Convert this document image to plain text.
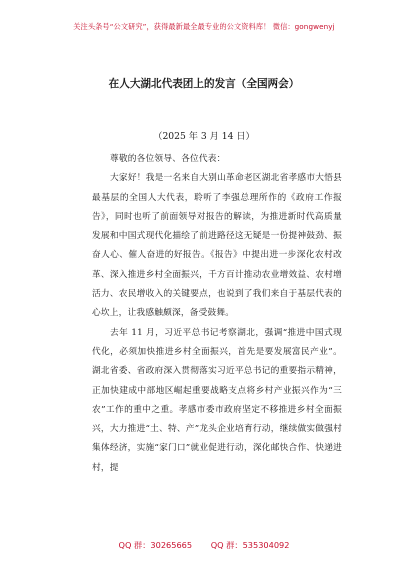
关注头条号“公文研究”，获得最新最全最专业的公文资料库！ 微信：gongwenyj
在人大湖北代表团上的发言（全国两会）
（2025 年 3 月 14 日）

尊敬的各位领导、各位代表：

大家好！我是一名来自大别山革命老区湖北省孝感市大悟县最基层的全国人大代表，聆听了李强总理所作的《政府工作报告》，同时也听了前面领导对报告的解读，为推进新时代高质量发展和中国式现代化描绘了前进路径这无疑是一份提神鼓劲、振奋人心、催人奋进的好报告。《报告》中提出进一步深化农村改革、深入推进乡村全面振兴，千方百计推动农业增效益、农村增活力、农民增收入的关键要点，也说到了我们来自于基层代表的心坎上，让我感触颇深，备受鼓舞。

去年 11 月，习近平总书记考察湖北，强调“推进中国式现代化，必须加快推进乡村全面振兴，首先是要发展富民产业”。湖北省委、省政府深入贯彻落实习近平总书记的重要指示精神，正加快建成中部地区崛起重要战略支点将乡村产业振兴作为“三农”工作的重中之重。孝感市委市政府坚定不移推进乡村全面振兴，大力推进“土、特、产”龙头企业培育行动，继续做实做强村集体经济，实施“家门口”就业促进行动，深化邮快合作、快递进村，提

QQ 群：30265665 QQ 群：535304092
